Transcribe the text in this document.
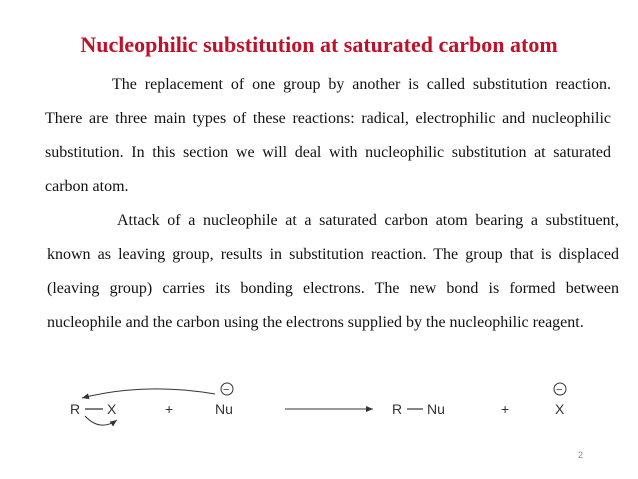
Nucleophilic substitution at saturated carbon atom

The replacement of one group by another is called substitution reaction. There are three main types of these reactions: radical, electrophilic and nucleophilic substitution. In this section we will deal with nucleophilic substitution at saturated carbon atom.

Attack of a nucleophile at a saturated carbon atom bearing a substituent, known as leaving group, results in substitution reaction. The group that is displaced (leaving group) carries its bonding electrons. The new bond is formed between nucleophile and the carbon using the electrons supplied by the nucleophilic reagent.

R X	+
−
Nu	R Nu	+
−
X
2
